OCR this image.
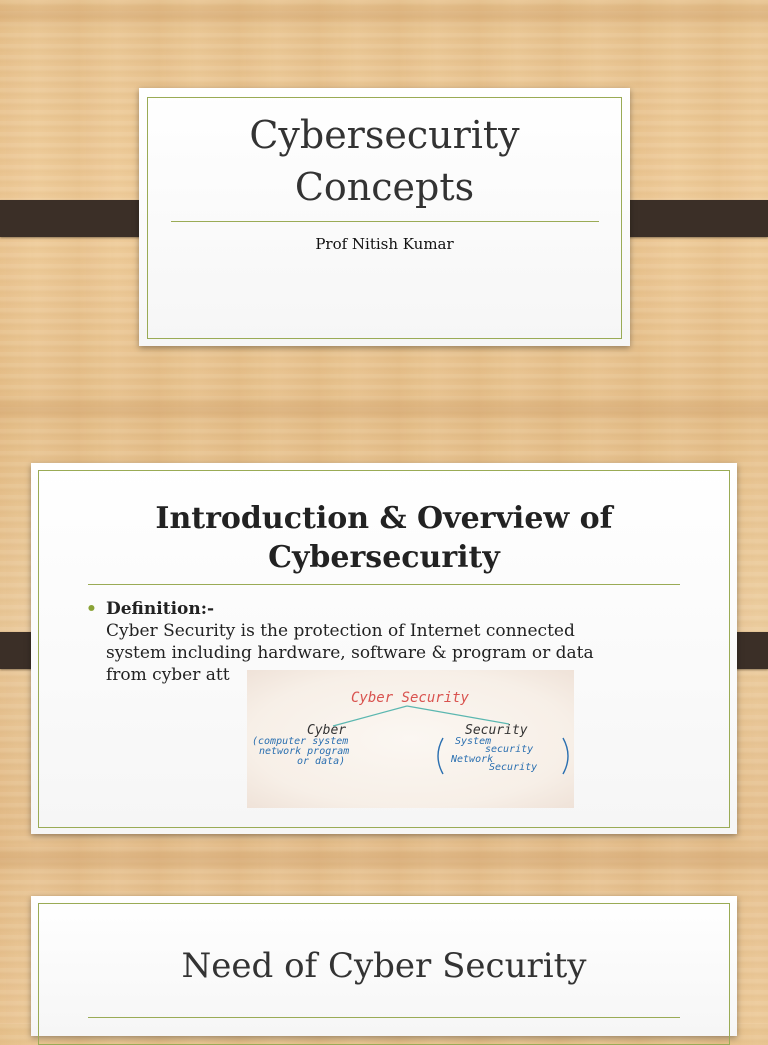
Cybersecurity
Concepts
Prof Nitish Kumar
Introduction & Overview of
Cybersecurity
• Definition:-
Cyber Security is the protection of Internet connected
system including hardware, software & program or data
from cyber att
Cyber Security
Cyber
(computer system
network program
or data)
Security
System
security
Network
Security
Need of Cyber Security
